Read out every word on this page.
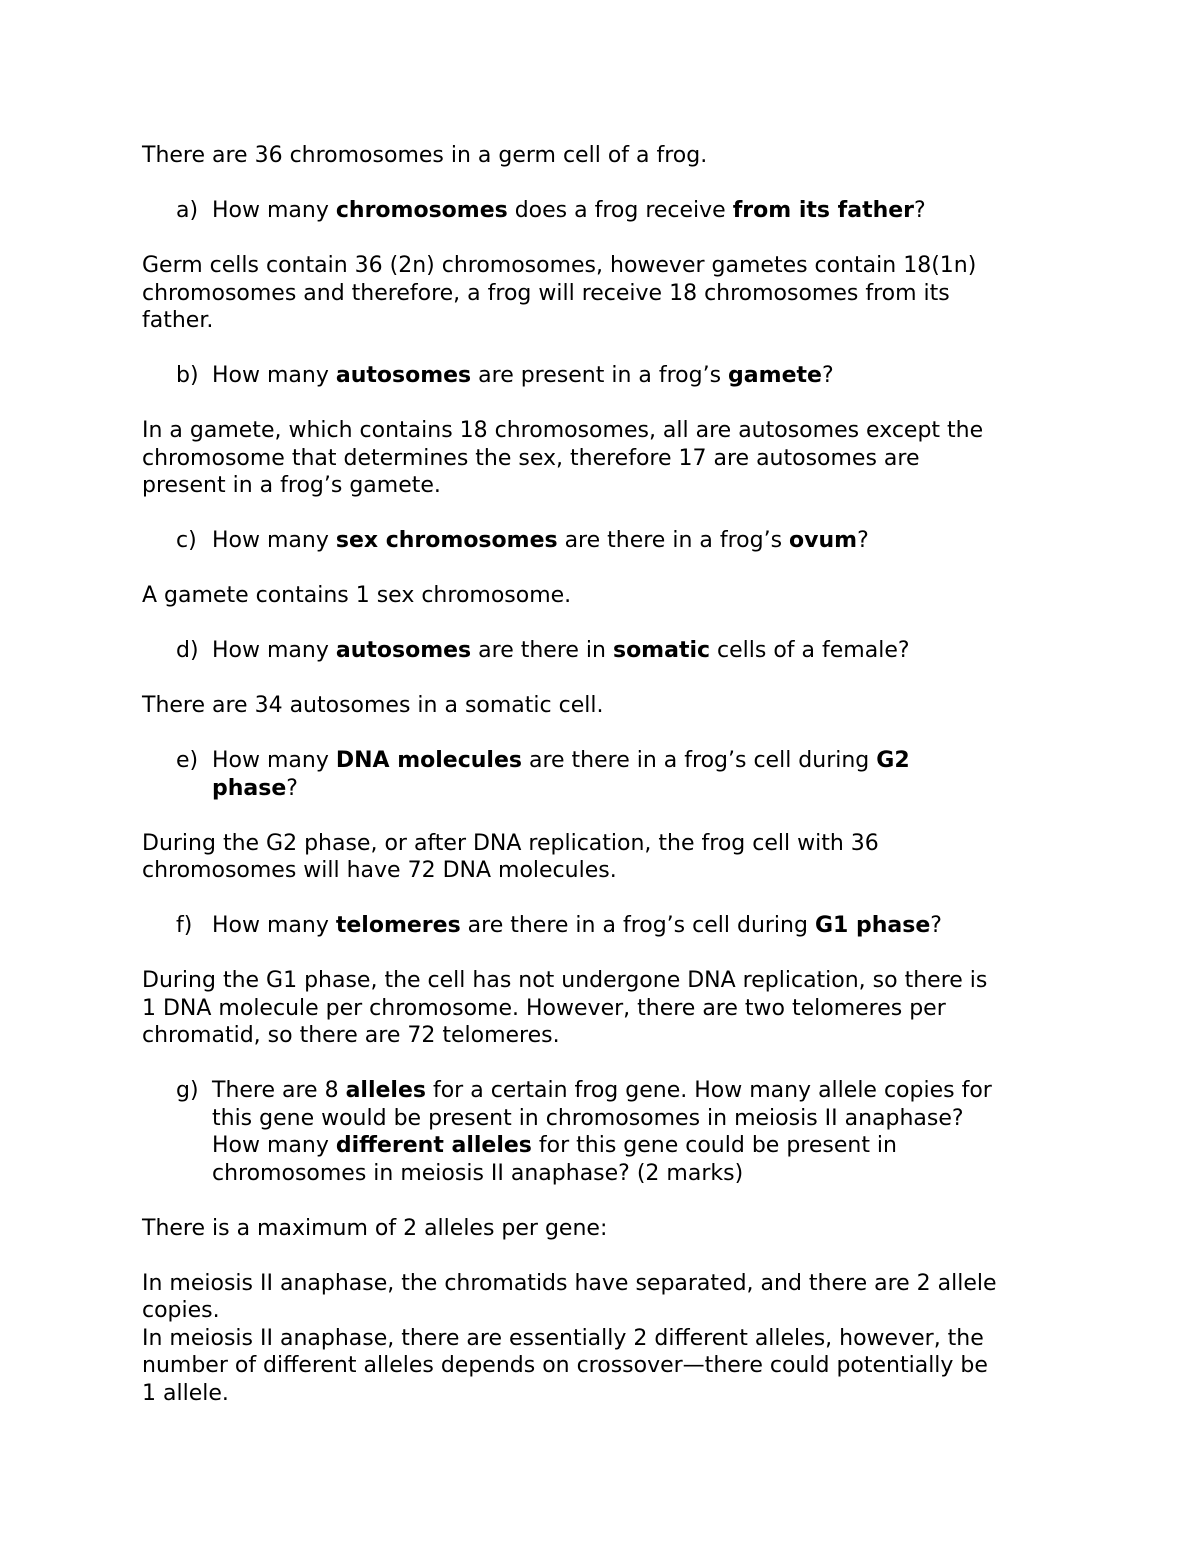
There are 36 chromosomes in a germ cell of a frog.

a) How many chromosomes does a frog receive from its father?

Germ cells contain 36 (2n) chromosomes, however gametes contain 18(1n)
chromosomes and therefore, a frog will receive 18 chromosomes from its
father.

b) How many autosomes are present in a frog’s gamete?

In a gamete, which contains 18 chromosomes, all are autosomes except the
chromosome that determines the sex, therefore 17 are autosomes are
present in a frog’s gamete.

c) How many sex chromosomes are there in a frog’s ovum?

A gamete contains 1 sex chromosome.

d) How many autosomes are there in somatic cells of a female?

There are 34 autosomes in a somatic cell.

e) How many DNA molecules are there in a frog’s cell during G2
phase?

During the G2 phase, or after DNA replication, the frog cell with 36
chromosomes will have 72 DNA molecules.

f) How many telomeres are there in a frog’s cell during G1 phase?

During the G1 phase, the cell has not undergone DNA replication, so there is
1 DNA molecule per chromosome. However, there are two telomeres per
chromatid, so there are 72 telomeres.

g) There are 8 alleles for a certain frog gene. How many allele copies for
this gene would be present in chromosomes in meiosis II anaphase?
How many different alleles for this gene could be present in
chromosomes in meiosis II anaphase? (2 marks)

There is a maximum of 2 alleles per gene:

In meiosis II anaphase, the chromatids have separated, and there are 2 allele
copies.
In meiosis II anaphase, there are essentially 2 different alleles, however, the
number of different alleles depends on crossover—there could potentially be
1 allele.
